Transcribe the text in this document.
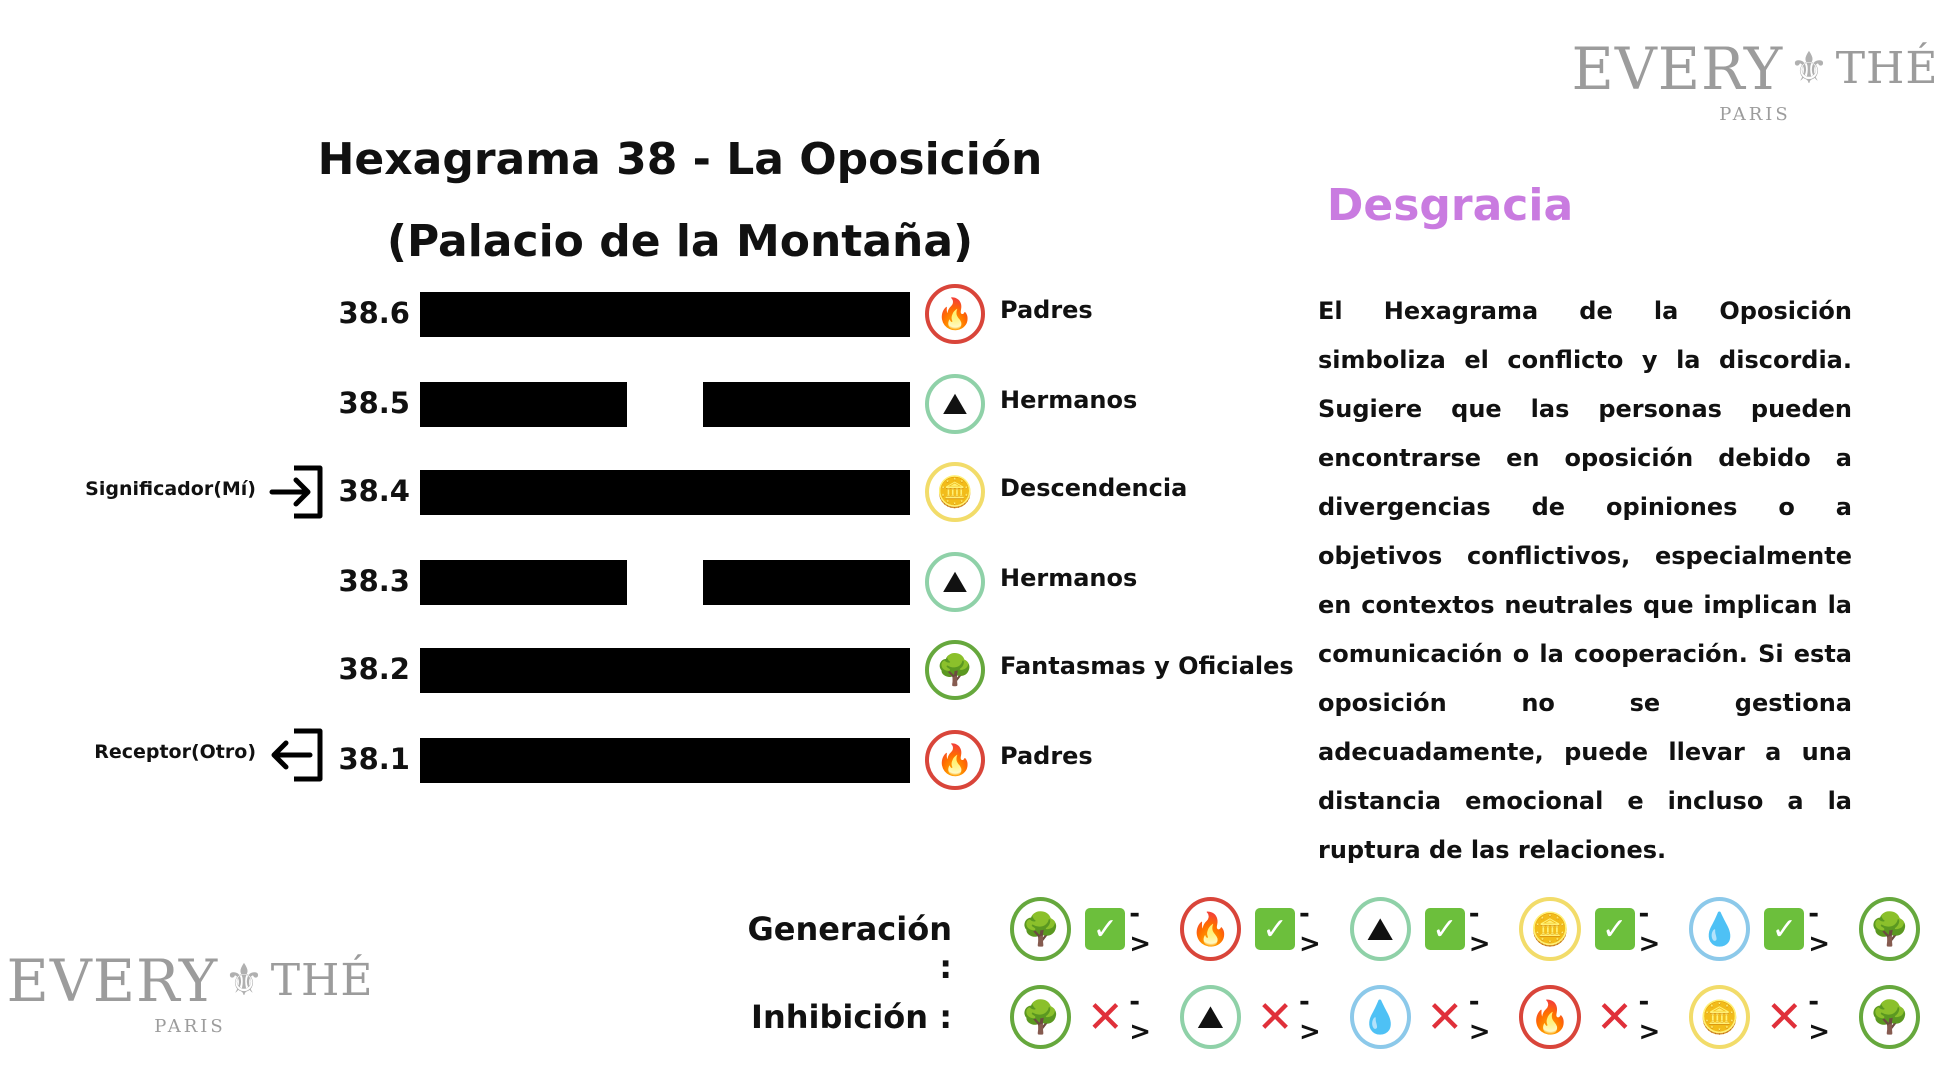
EVERY ⚜ THÉ
PARIS
EVERY ⚜ THÉ
PARIS
Hexagrama 38 - La Oposición
(Palacio de la Montaña)
38.6	🔥	Padres
38.5	⛰	Hermanos
38.4	🪙	Descendencia
38.3	⛰	Hermanos
38.2	🌳	Fantasmas y Oficiales
38.1	🔥	Padres
Significador(Mí)
Receptor(Otro)
Desgracia
El Hexagrama de la Oposición simboliza el conflicto y la discordia. Sugiere que las personas pueden encontrarse en oposición debido a divergencias de opiniones o a objetivos conflictivos, especialmente en contextos neutrales que implican la comunicación o la cooperación. Si esta oposición no se gestiona adecuadamente, puede llevar a una distancia emocional e incluso a la ruptura de las relaciones.
Generación :
🌳	✓ - >	🔥	✓ - >	⛰	✓ - >	🪙	✓ - >	💧	✓ - >	🌳
Inhibición :	🌳 ✕ - >	⛰ ✕ - >	💧 ✕ - >	🔥 ✕ - >	🪙 ✕ - >	🌳
